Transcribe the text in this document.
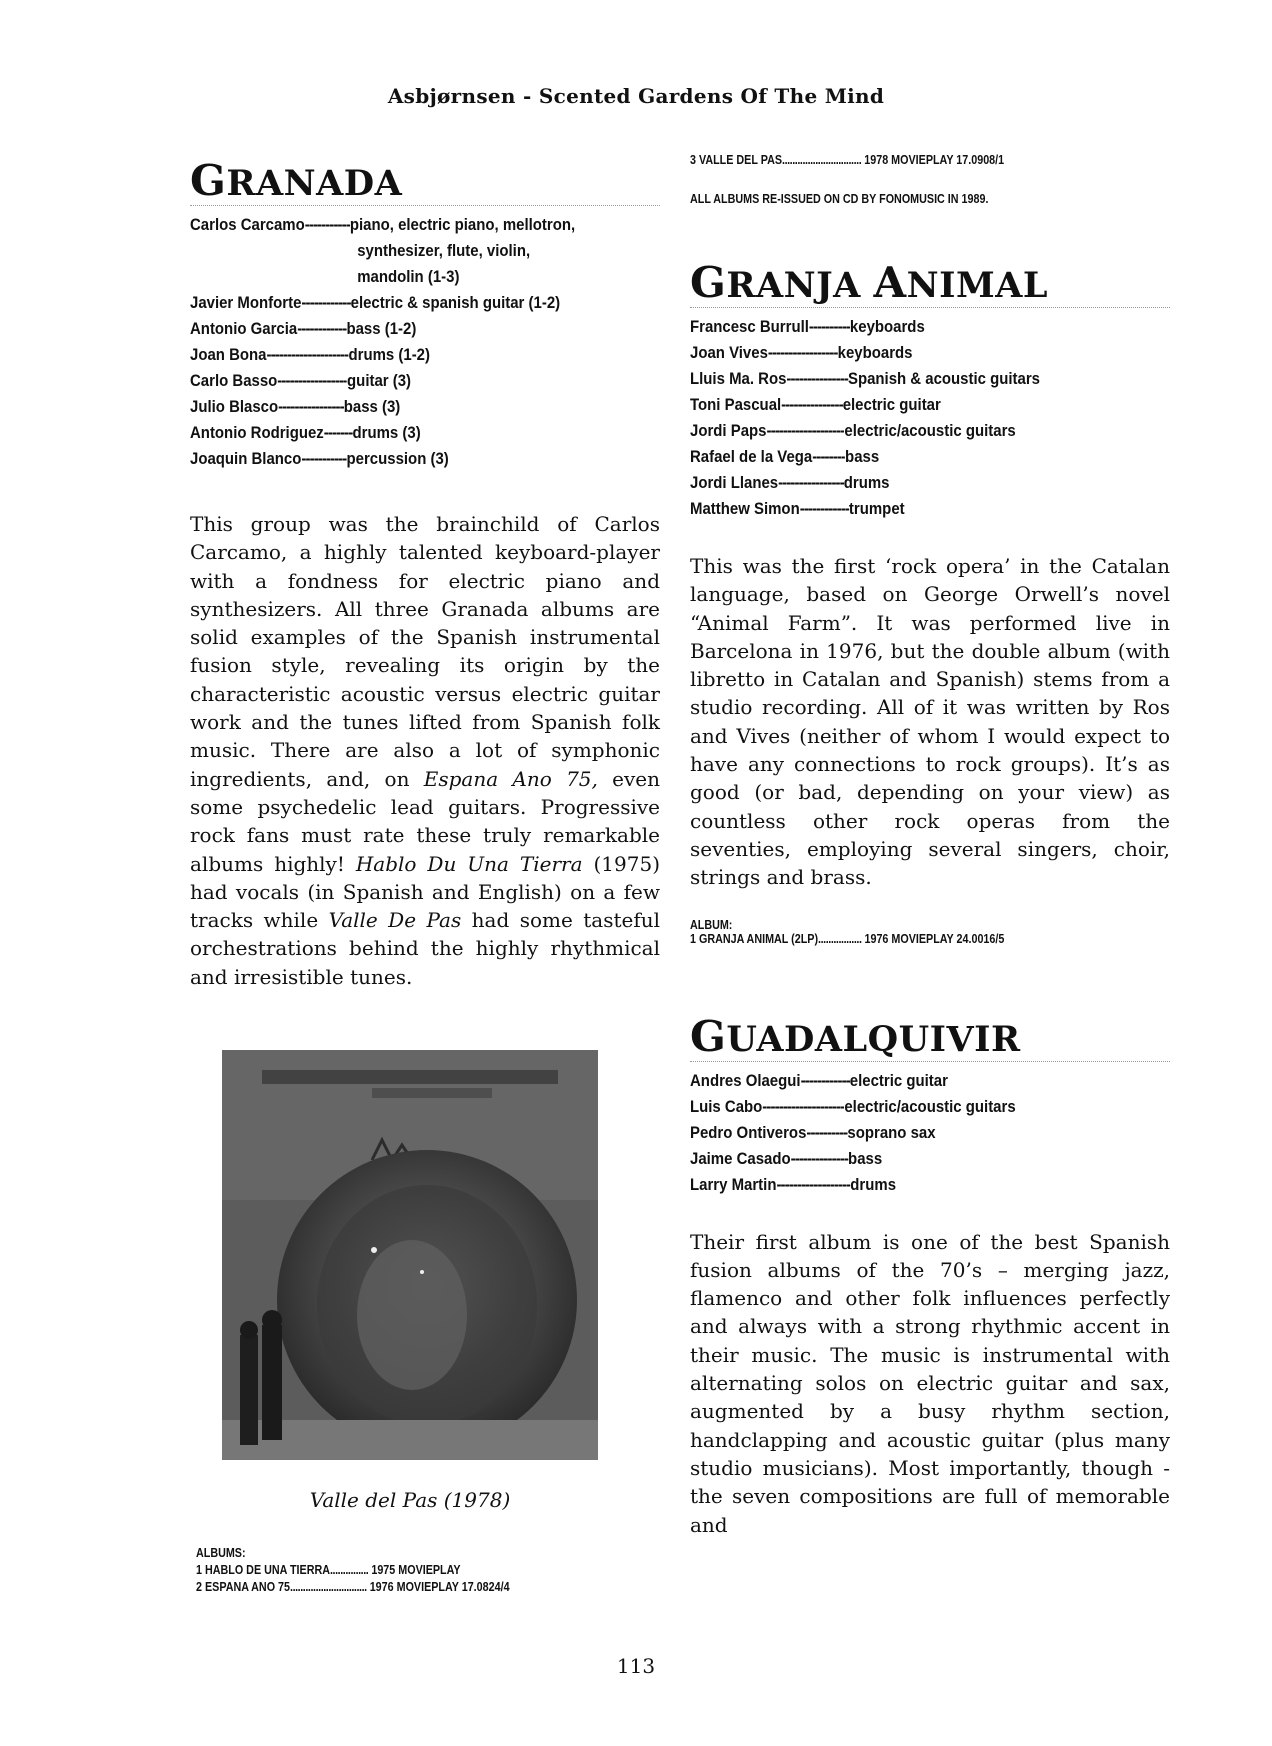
Asbjørnsen - Scented Gardens Of The Mind
GRANADA
Carlos Carcamo ----------- piano, electric piano, mellotron,
synthesizer, flute, violin,
mandolin (1-3)
Javier Monforte ------------ electric & spanish guitar (1-2)
Antonio Garcia ------------ bass (1-2)
Joan Bona -------------------- drums (1-2)
Carlo Basso ----------------- guitar (3)
Julio Blasco ---------------- bass (3)
Antonio Rodriguez ------- drums (3)
Joaquin Blanco ----------- percussion (3)
This group was the brainchild of Carlos Carcamo, a highly talented keyboard-player with a fondness for electric piano and synthesizers. All three Granada albums are solid examples of the Spanish instrumental fusion style, revealing its origin by the characteristic acoustic versus electric guitar work and the tunes lifted from Spanish folk music. There are also a lot of symphonic ingredients, and, on Espana Ano 75, even some psychedelic lead guitars. Progressive rock fans must rate these truly remarkable albums highly! Hablo Du Una Tierra (1975) had vocals (in Spanish and English) on a few tracks while Valle De Pas had some tasteful orchestrations behind the highly rhythmical and irresistible tunes.
Valle del Pas (1978)
ALBUMS:
1 HABLO DE UNA TIERRA............... 1975 MOVIEPLAY
2 ESPANA ANO 75.............................. 1976 MOVIEPLAY 17.0824/4
3 VALLE DEL PAS............................... 1978 MOVIEPLAY 17.0908/1
ALL ALBUMS RE-ISSUED ON CD BY FONOMUSIC IN 1989.
GRANJA ANIMAL
Francesc Burrull ---------- keyboards
Joan Vives ----------------- keyboards
Lluis Ma. Ros --------------- Spanish & acoustic guitars
Toni Pascual --------------- electric guitar
Jordi Paps ------------------- electric/acoustic guitars
Rafael de la Vega -------- bass
Jordi Llanes ---------------- drums
Matthew Simon ------------ trumpet
This was the first ‘rock opera’ in the Catalan language, based on George Orwell’s novel “Animal Farm”. It was performed live in Barcelona in 1976, but the double album (with libretto in Catalan and Spanish) stems from a studio recording. All of it was written by Ros and Vives (neither of whom I would expect to have any connections to rock groups). It’s as good (or bad, depending on your view) as countless other rock operas from the seventies, employing several singers, choir, strings and brass.
ALBUM:
1 GRANJA ANIMAL (2LP)................. 1976 MOVIEPLAY 24.0016/5
GUADALQUIVIR
Andres Olaegui ------------ electric guitar
Luis Cabo -------------------- electric/acoustic guitars
Pedro Ontiveros ---------- soprano sax
Jaime Casado -------------- bass
Larry Martin ------------------ drums
Their first album is one of the best Spanish fusion albums of the 70’s – merging jazz, flamenco and other folk influences perfectly and always with a strong rhythmic accent in their music. The music is instrumental with alternating solos on electric guitar and sax, augmented by a busy rhythm section, handclapping and acoustic guitar (plus many studio musicians). Most importantly, though - the seven compositions are full of memorable and
113
